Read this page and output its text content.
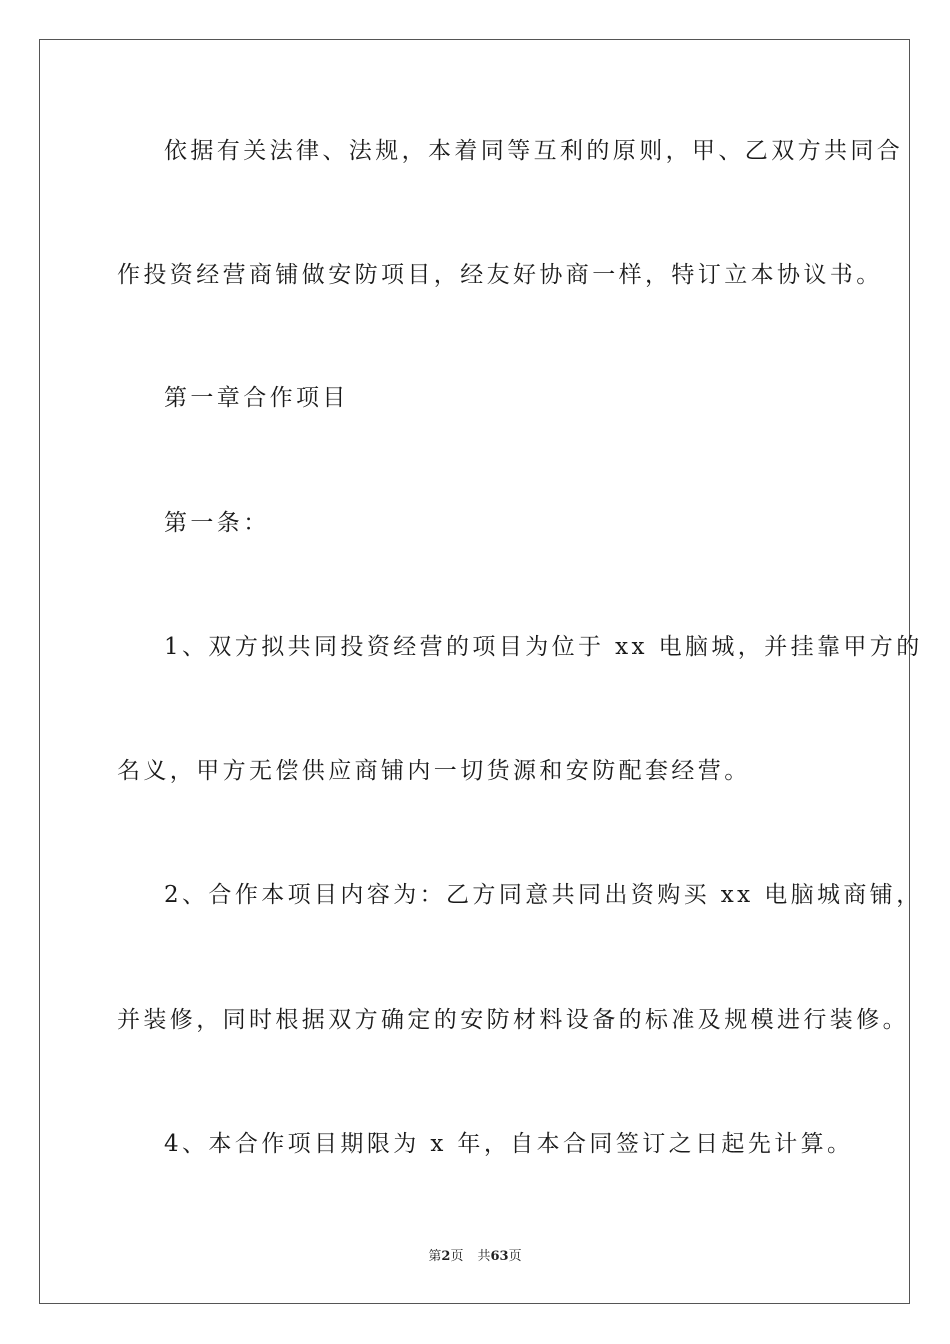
依据有关法律、法规，本着同等互利的原则，甲、乙双方共同合
作投资经营商铺做安防项目，经友好协商一样，特订立本协议书。
第一章合作项目
第一条：
1、双方拟共同投资经营的项目为位于 xx 电脑城，并挂靠甲方的
名义，甲方无偿供应商铺内一切货源和安防配套经营。
2、合作本项目内容为：乙方同意共同出资购买 xx 电脑城商铺，
并装修，同时根据双方确定的安防材料设备的标准及规模进行装修。
4、本合作项目期限为 x 年，自本合同签订之日起先计算。
第2页 共63页
